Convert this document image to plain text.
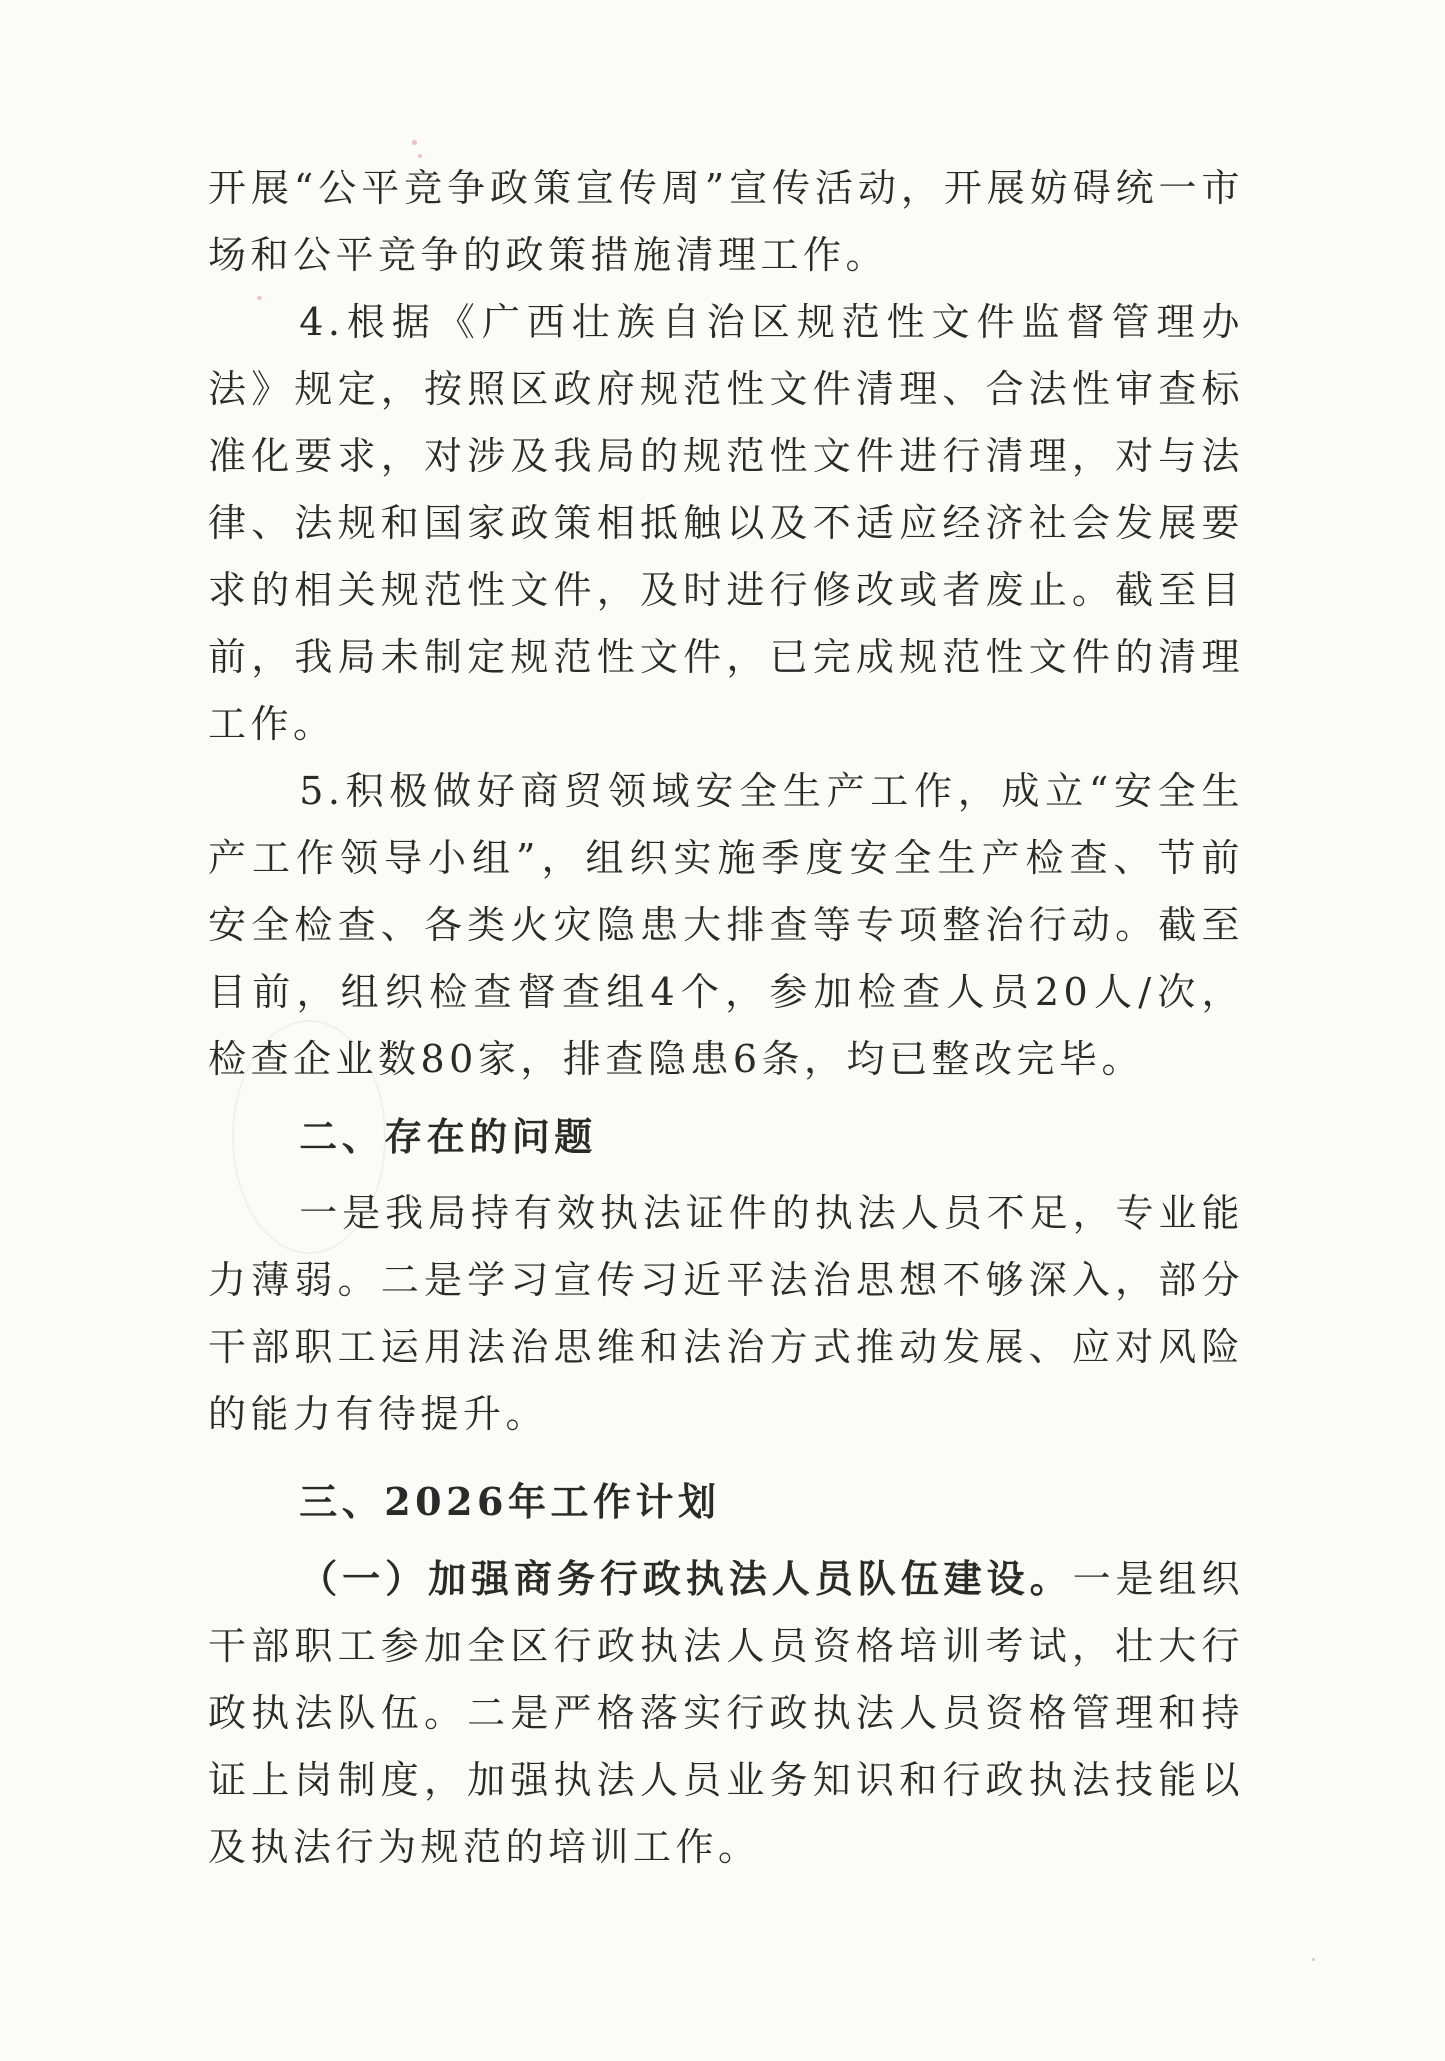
开展“公平竞争政策宣传周”宣传活动，开展妨碍统一市场和公平竞争的政策措施清理工作。

4.根据《广西壮族自治区规范性文件监督管理办法》规定，按照区政府规范性文件清理、合法性审查标准化要求，对涉及我局的规范性文件进行清理，对与法律、法规和国家政策相抵触以及不适应经济社会发展要求的相关规范性文件，及时进行修改或者废止。截至目前，我局未制定规范性文件，已完成规范性文件的清理工作。

5.积极做好商贸领域安全生产工作，成立“安全生产工作领导小组”，组织实施季度安全生产检查、节前安全检查、各类火灾隐患大排查等专项整治行动。截至目前，组织检查督查组4个，参加检查人员20人/次，检查企业数80家，排查隐患6条，均已整改完毕。

二、存在的问题

一是我局持有效执法证件的执法人员不足，专业能力薄弱。二是学习宣传习近平法治思想不够深入，部分干部职工运用法治思维和法治方式推动发展、应对风险的能力有待提升。

三、2026年工作计划

（一）加强商务行政执法人员队伍建设。一是组织干部职工参加全区行政执法人员资格培训考试，壮大行政执法队伍。二是严格落实行政执法人员资格管理和持证上岗制度，加强执法人员业务知识和行政执法技能以及执法行为规范的培训工作。
